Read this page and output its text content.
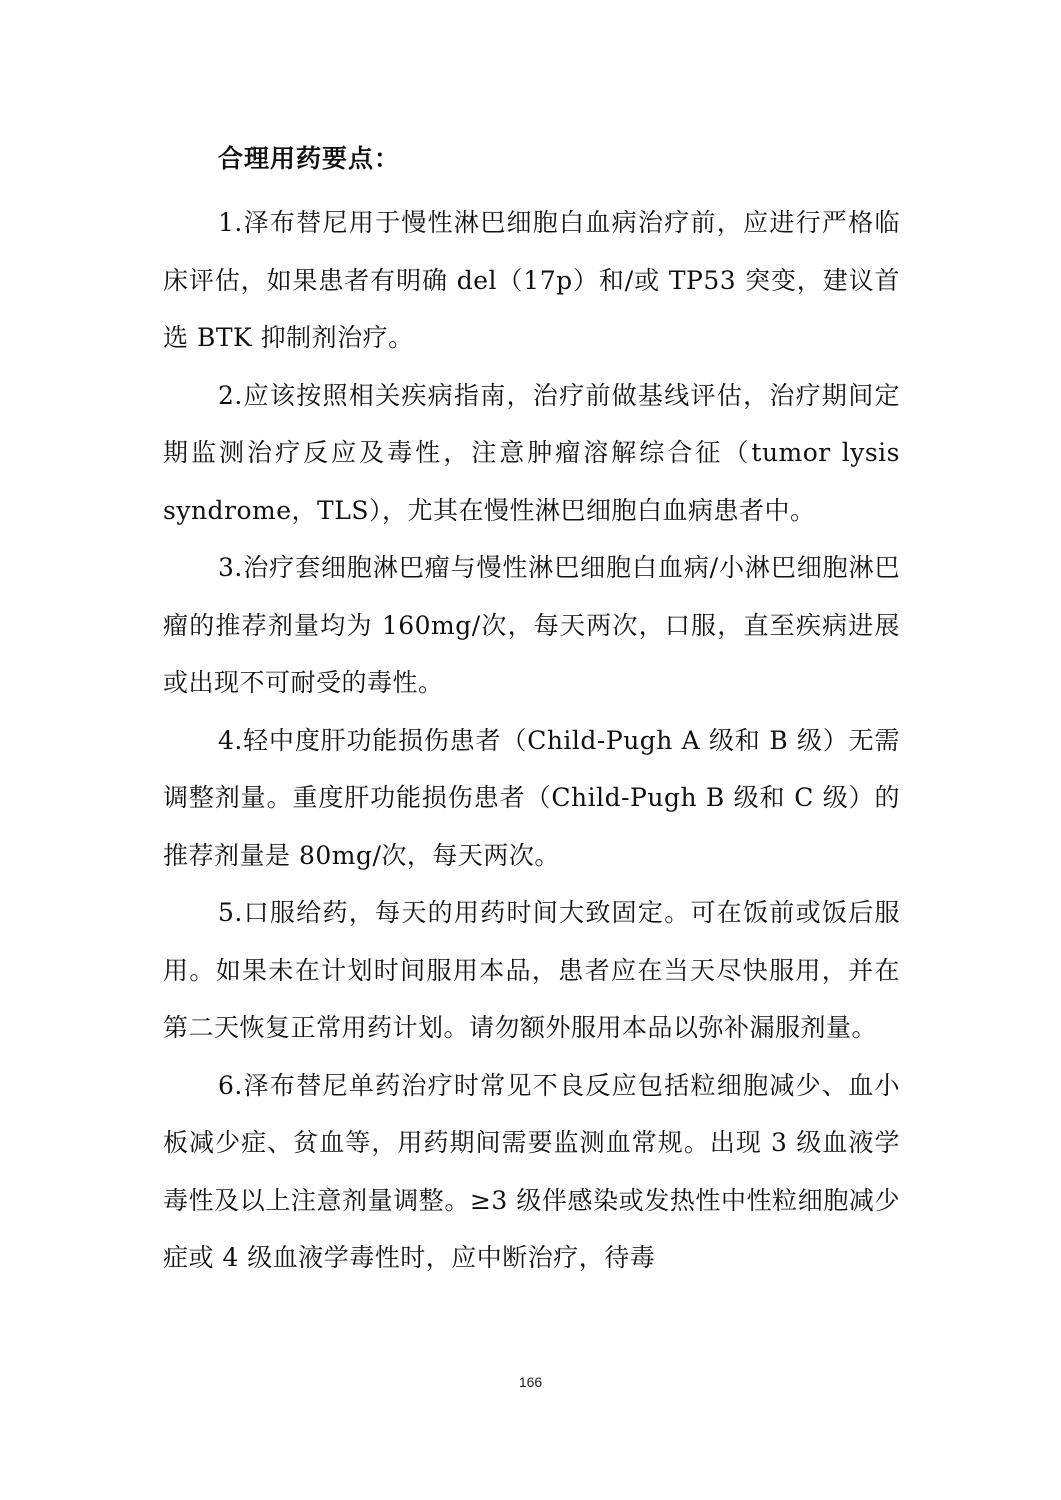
合理用药要点：

1.泽布替尼用于慢性淋巴细胞白血病治疗前，应进行严格临床评估，如果患者有明确 del（17p）和/或 TP53 突变，建议首选 BTK 抑制剂治疗。

2.应该按照相关疾病指南，治疗前做基线评估，治疗期间定期监测治疗反应及毒性，注意肿瘤溶解综合征（tumor lysis syndrome，TLS），尤其在慢性淋巴细胞白血病患者中。

3.治疗套细胞淋巴瘤与慢性淋巴细胞白血病/小淋巴细胞淋巴瘤的推荐剂量均为 160mg/次，每天两次，口服，直至疾病进展或出现不可耐受的毒性。

4.轻中度肝功能损伤患者（Child-Pugh A 级和 B 级）无需调整剂量。重度肝功能损伤患者（Child-Pugh B 级和 C 级）的推荐剂量是 80mg/次，每天两次。

5.口服给药，每天的用药时间大致固定。可在饭前或饭后服用。如果未在计划时间服用本品，患者应在当天尽快服用，并在第二天恢复正常用药计划。请勿额外服用本品以弥补漏服剂量。

6.泽布替尼单药治疗时常见不良反应包括粒细胞减少、血小板减少症、贫血等，用药期间需要监测血常规。出现 3 级血液学毒性及以上注意剂量调整。≥3 级伴感染或发热性中性粒细胞减少症或 4 级血液学毒性时，应中断治疗，待毒

166
